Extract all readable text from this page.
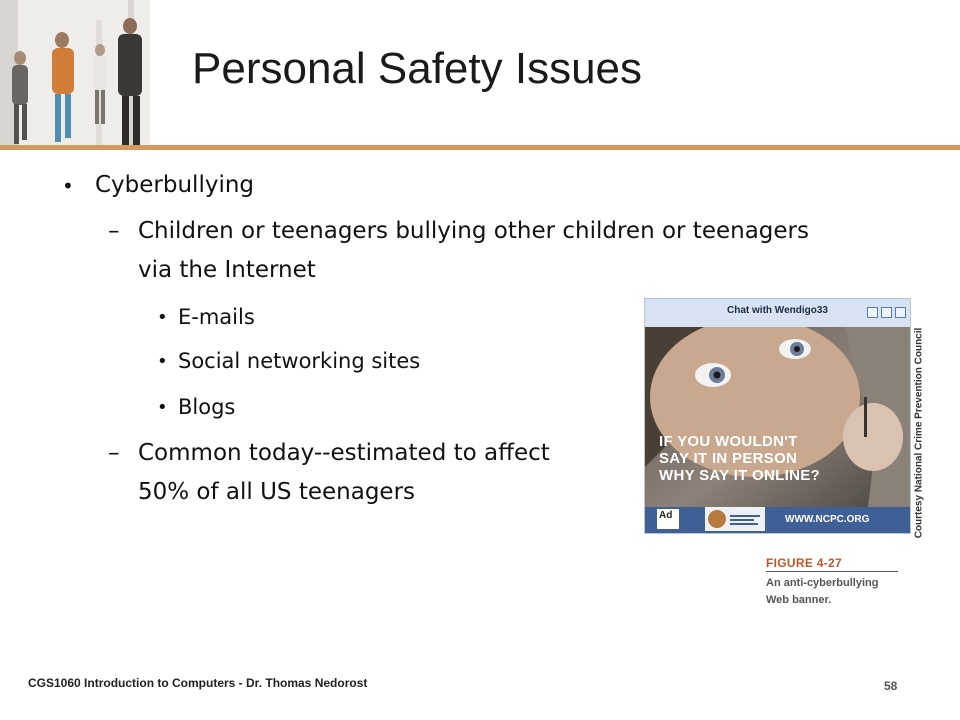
Personal Safety Issues
• Cyberbullying
– Children or teenagers bullying other children or teenagers
via the Internet
• E-mails
• Social networking sites
• Blogs
– Common today--estimated to affect
50% of all US teenagers
Chat with Wendigo33
IF YOU WOULDN'T
SAY IT IN PERSON
WHY SAY IT ONLINE?
Ad	WWW.NCPC.ORG	Courtesy National Crime Prevention Council
FIGURE 4-27
An anti-cyberbullying
Web banner.
CGS1060 Introduction to Computers - Dr. Thomas Nedorost	58
